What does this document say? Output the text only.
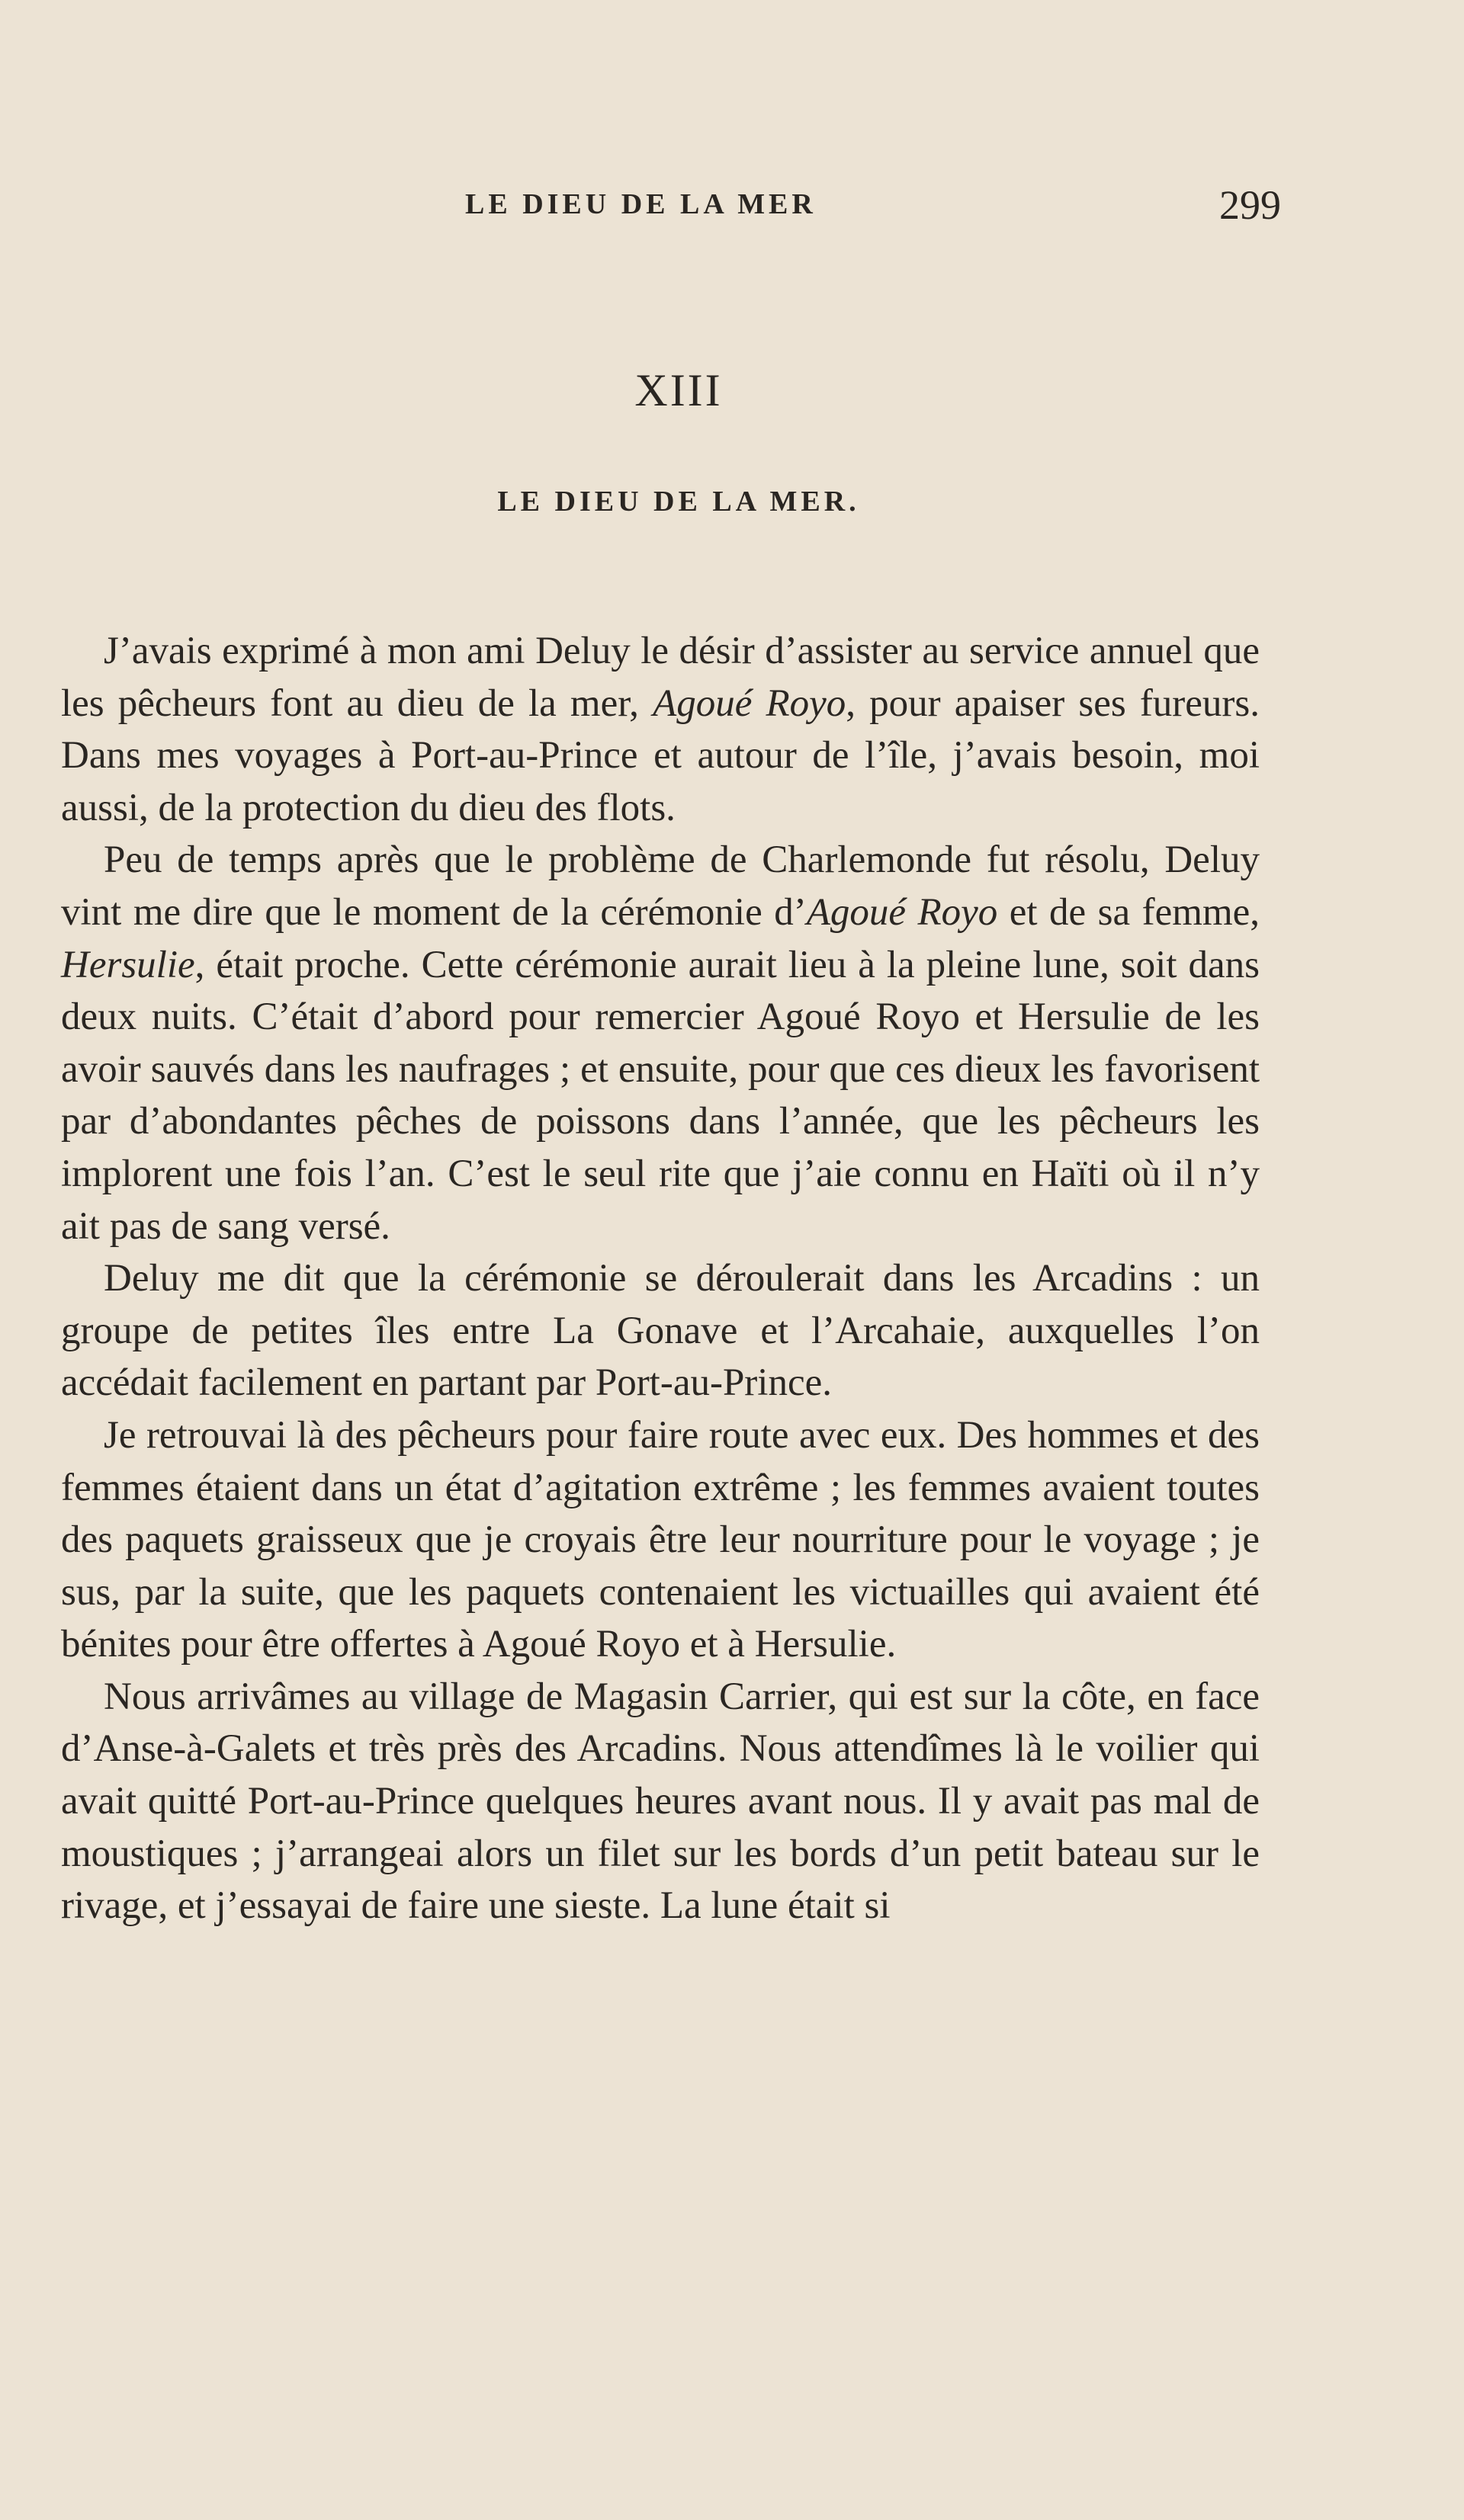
LE DIEU DE LA MER	299
XIII
LE DIEU DE LA MER.

J’avais exprimé à mon ami Deluy le désir d’assister au service annuel que les pêcheurs font au dieu de la mer, Agoué Royo, pour apaiser ses fureurs. Dans mes voyages à Port-au-Prince et autour de l’île, j’avais besoin, moi aussi, de la protection du dieu des flots.

Peu de temps après que le problème de Charlemonde fut résolu, Deluy vint me dire que le moment de la cérémonie d’Agoué Royo et de sa femme, Hersulie, était proche. Cette cérémonie aurait lieu à la pleine lune, soit dans deux nuits. C’était d’abord pour remercier Agoué Royo et Hersulie de les avoir sauvés dans les naufrages ; et ensuite, pour que ces dieux les favorisent par d’abondantes pêches de poissons dans l’année, que les pêcheurs les implorent une fois l’an. C’est le seul rite que j’aie connu en Haïti où il n’y ait pas de sang versé.

Deluy me dit que la cérémonie se déroulerait dans les Arcadins : un groupe de petites îles entre La Gonave et l’Arcahaie, auxquelles l’on accédait facilement en partant par Port-au-Prince.

Je retrouvai là des pêcheurs pour faire route avec eux. Des hommes et des femmes étaient dans un état d’agitation extrême ; les femmes avaient toutes des paquets graisseux que je croyais être leur nourriture pour le voyage ; je sus, par la suite, que les paquets contenaient les victuailles qui avaient été bénites pour être offertes à Agoué Royo et à Hersulie.

Nous arrivâmes au village de Magasin Carrier, qui est sur la côte, en face d’Anse-à-Galets et très près des Arcadins. Nous attendîmes là le voilier qui avait quitté Port-au-Prince quelques heures avant nous. Il y avait pas mal de moustiques ; j’arrangeai alors un filet sur les bords d’un petit bateau sur le rivage, et j’essayai de faire une sieste. La lune était si
